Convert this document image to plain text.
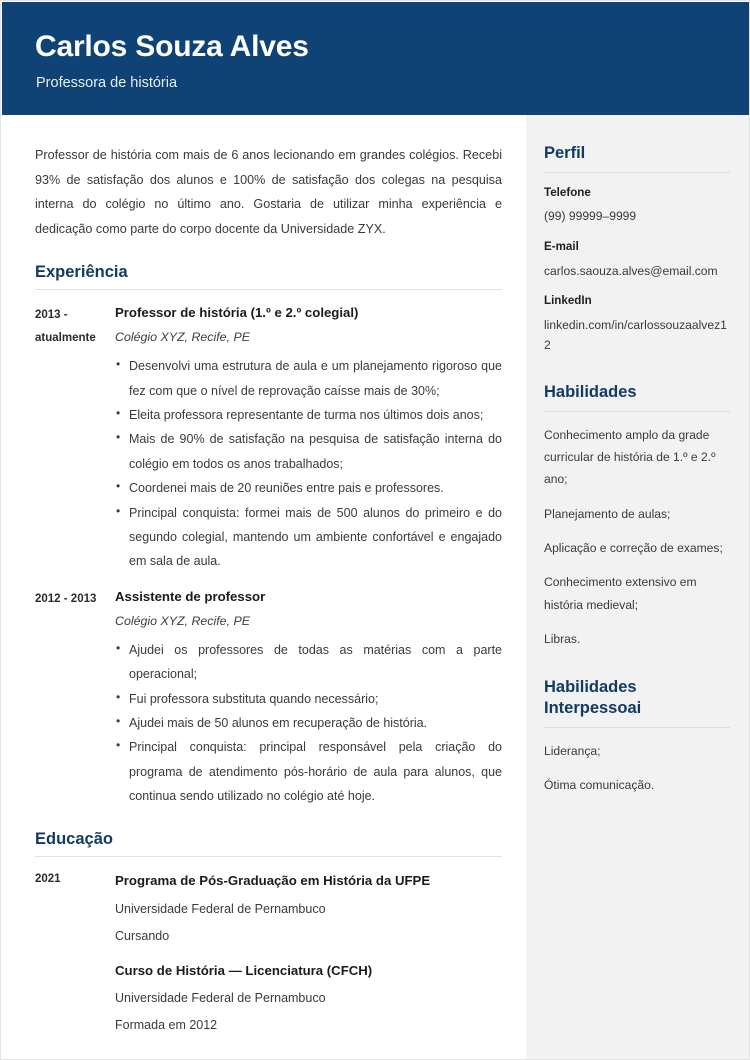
Carlos Souza Alves
Professora de história

Professor de história com mais de 6 anos lecionando em grandes colégios. Recebi 93% de satisfação dos alunos e 100% de satisfação dos colegas na pesquisa interna do colégio no último ano. Gostaria de utilizar minha experiência e dedicação como parte do corpo docente da Universidade ZYX.

Experiência
2013 - atualmente
Professor de história (1.º e 2.º colegial)
Colégio XYZ, Recife, PE
• Desenvolvi uma estrutura de aula e um planejamento rigoroso que fez com que o nível de reprovação caísse mais de 30%;
• Eleita professora representante de turma nos últimos dois anos;
• Mais de 90% de satisfação na pesquisa de satisfação interna do colégio em todos os anos trabalhados;
• Coordenei mais de 20 reuniões entre pais e professores.
• Principal conquista: formei mais de 500 alunos do primeiro e do segundo colegial, mantendo um ambiente confortável e engajado em sala de aula.
2012 - 2013	Assistente de professor
Colégio XYZ, Recife, PE
• Ajudei os professores de todas as matérias com a parte operacional;
• Fui professora substituta quando necessário;
• Ajudei mais de 50 alunos em recuperação de história.
• Principal conquista: principal responsável pela criação do programa de atendimento pós-horário de aula para alunos, que continua sendo utilizado no colégio até hoje.
Educação
2021	Programa de Pós-Graduação em História da UFPE
Universidade Federal de Pernambuco
Cursando
Curso de História — Licenciatura (CFCH)
Universidade Federal de Pernambuco
Formada em 2012
Perfil
Telefone
(99) 99999–9999
E-mail
carlos.saouza.alves@email.com
LinkedIn
linkedin.com/in/carlossouzaalvez12
Habilidades
Conhecimento amplo da grade curricular de história de 1.º e 2.º ano;
Planejamento de aulas;
Aplicação e correção de exames;
Conhecimento extensivo em história medieval;
Libras.
Habilidades Interpessoai
Liderança;
Ótima comunicação.
